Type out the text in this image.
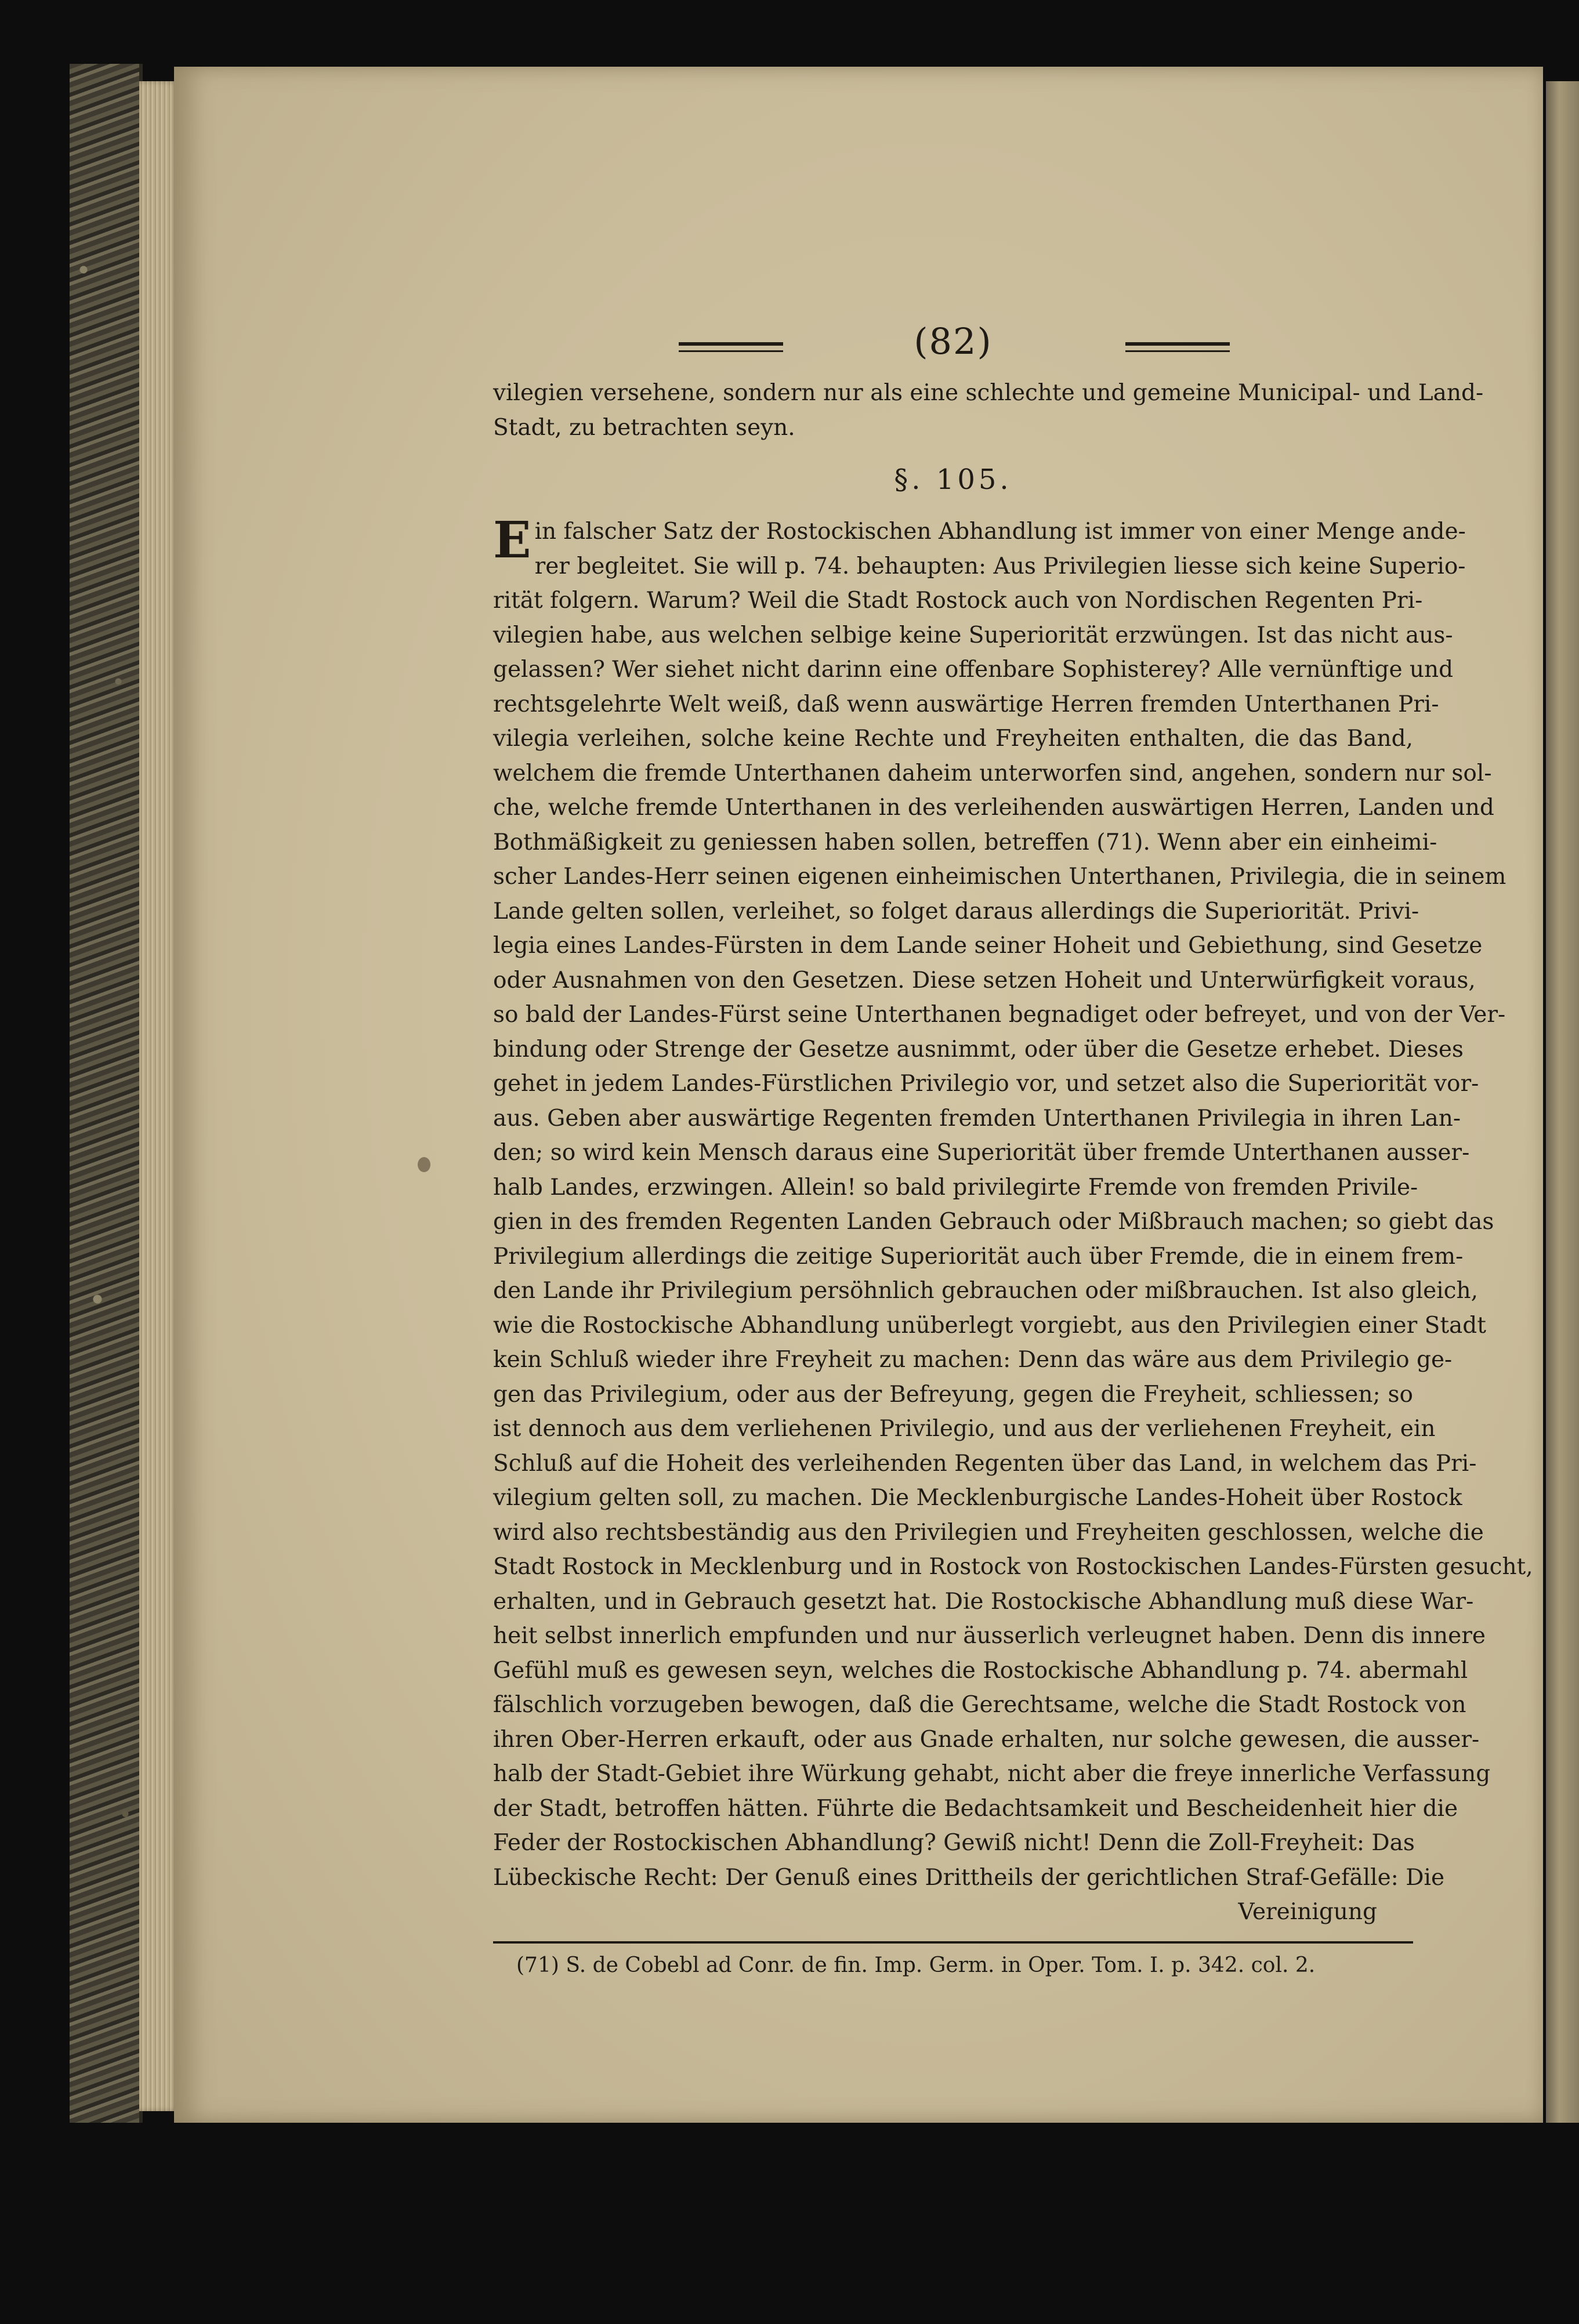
(82)
vilegien versehene, sondern nur als eine schlechte und gemeine Municipal- und Land-
Stadt, zu betrachten seyn.
§. 105.
E in falscher Satz der Rostockischen Abhandlung ist immer von einer Menge ande-
rer begleitet. Sie will p. 74. behaupten: Aus Privilegien liesse sich keine Superio-
rität folgern. Warum? Weil die Stadt Rostock auch von Nordischen Regenten Pri-
vilegien habe, aus welchen selbige keine Superiorität erzwüngen. Ist das nicht aus-
gelassen? Wer siehet nicht darinn eine offenbare Sophisterey? Alle vernünftige und
rechtsgelehrte Welt weiß, daß wenn auswärtige Herren fremden Unterthanen Pri-
vilegia verleihen, solche keine Rechte und Freyheiten enthalten, die das Band,
welchem die fremde Unterthanen daheim unterworfen sind, angehen, sondern nur sol-
che, welche fremde Unterthanen in des verleihenden auswärtigen Herren, Landen und
Bothmäßigkeit zu geniessen haben sollen, betreffen (71). Wenn aber ein einheimi-
scher Landes-Herr seinen eigenen einheimischen Unterthanen, Privilegia, die in seinem
Lande gelten sollen, verleihet, so folget daraus allerdings die Superiorität. Privi-
legia eines Landes-Fürsten in dem Lande seiner Hoheit und Gebiethung, sind Gesetze
oder Ausnahmen von den Gesetzen. Diese setzen Hoheit und Unterwürfigkeit voraus,
so bald der Landes-Fürst seine Unterthanen begnadiget oder befreyet, und von der Ver-
bindung oder Strenge der Gesetze ausnimmt, oder über die Gesetze erhebet. Dieses
gehet in jedem Landes-Fürstlichen Privilegio vor, und setzet also die Superiorität vor-
aus. Geben aber auswärtige Regenten fremden Unterthanen Privilegia in ihren Lan-
den; so wird kein Mensch daraus eine Superiorität über fremde Unterthanen ausser-
halb Landes, erzwingen. Allein! so bald privilegirte Fremde von fremden Privile-
gien in des fremden Regenten Landen Gebrauch oder Mißbrauch machen; so giebt das
Privilegium allerdings die zeitige Superiorität auch über Fremde, die in einem frem-
den Lande ihr Privilegium persöhnlich gebrauchen oder mißbrauchen. Ist also gleich,
wie die Rostockische Abhandlung unüberlegt vorgiebt, aus den Privilegien einer Stadt
kein Schluß wieder ihre Freyheit zu machen: Denn das wäre aus dem Privilegio ge-
gen das Privilegium, oder aus der Befreyung, gegen die Freyheit, schliessen; so
ist dennoch aus dem verliehenen Privilegio, und aus der verliehenen Freyheit, ein
Schluß auf die Hoheit des verleihenden Regenten über das Land, in welchem das Pri-
vilegium gelten soll, zu machen. Die Mecklenburgische Landes-Hoheit über Rostock
wird also rechtsbeständig aus den Privilegien und Freyheiten geschlossen, welche die
Stadt Rostock in Mecklenburg und in Rostock von Rostockischen Landes-Fürsten gesucht,
erhalten, und in Gebrauch gesetzt hat. Die Rostockische Abhandlung muß diese War-
heit selbst innerlich empfunden und nur äusserlich verleugnet haben. Denn dis innere
Gefühl muß es gewesen seyn, welches die Rostockische Abhandlung p. 74. abermahl
fälschlich vorzugeben bewogen, daß die Gerechtsame, welche die Stadt Rostock von
ihren Ober-Herren erkauft, oder aus Gnade erhalten, nur solche gewesen, die ausser-
halb der Stadt-Gebiet ihre Würkung gehabt, nicht aber die freye innerliche Verfassung
der Stadt, betroffen hätten. Führte die Bedachtsamkeit und Bescheidenheit hier die
Feder der Rostockischen Abhandlung? Gewiß nicht! Denn die Zoll-Freyheit: Das
Lübeckische Recht: Der Genuß eines Drittheils der gerichtlichen Straf-Gefälle: Die
Vereinigung
(71) S. de Cobebl ad Conr. de fin. Imp. Germ. in Oper. Tom. I. p. 342. col. 2.
